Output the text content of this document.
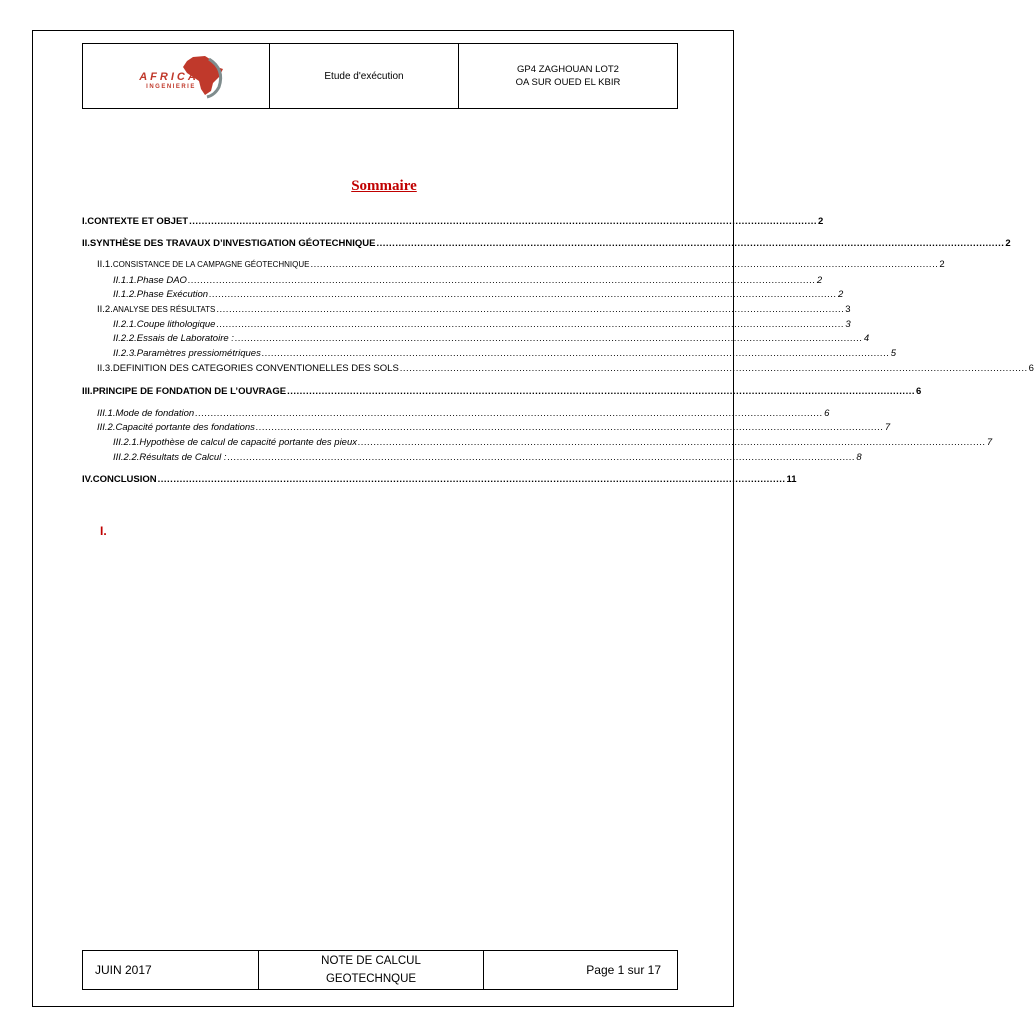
AFRICA
INGENIERIE
	Etude d'exécution	
GP4 ZAGHOUAN LOT2
OA SUR OUED EL KBIR
Sommaire
I. CONTEXTE ET OBJET ........................................................................................................................................................................................................ 2
II. SYNTHÈSE DES TRAVAUX D’INVESTIGATION GÉOTECHNIQUE ........................................................................................................................................................................................................ 2
II.1. CONSISTANCE DE LA CAMPAGNE GÉOTECHNIQUE ........................................................................................................................................................................................................ 2
II.1.1. Phase DAO ........................................................................................................................................................................................................ 2
II.1.2. Phase Exécution ........................................................................................................................................................................................................ 2
II.2. ANALYSE DES RÉSULTATS ........................................................................................................................................................................................................ 3
II.2.1. Coupe lithologique ........................................................................................................................................................................................................ 3
II.2.2. Essais de Laboratoire : ........................................................................................................................................................................................................ 4
II.2.3. Paramètres pressiométriques ........................................................................................................................................................................................................ 5
II.3. DEFINITION DES CATEGORIES CONVENTIONELLES DES SOLS ........................................................................................................................................................................................................ 6
III. PRINCIPE DE FONDATION DE L’OUVRAGE ........................................................................................................................................................................................................ 6
III.1. Mode de fondation ........................................................................................................................................................................................................ 6
III.2. Capacité portante des fondations ........................................................................................................................................................................................................ 7
III.2.1. Hypothèse de calcul de capacité portante des pieux ........................................................................................................................................................................................................ 7
III.2.2. Résultats de Calcul : ........................................................................................................................................................................................................ 8
IV. CONCLUSION ........................................................................................................................................................................................................ 11
I.
JUIN 2017	
NOTE DE CALCUL
GEOTECHNQUE
	Page 1 sur 17
